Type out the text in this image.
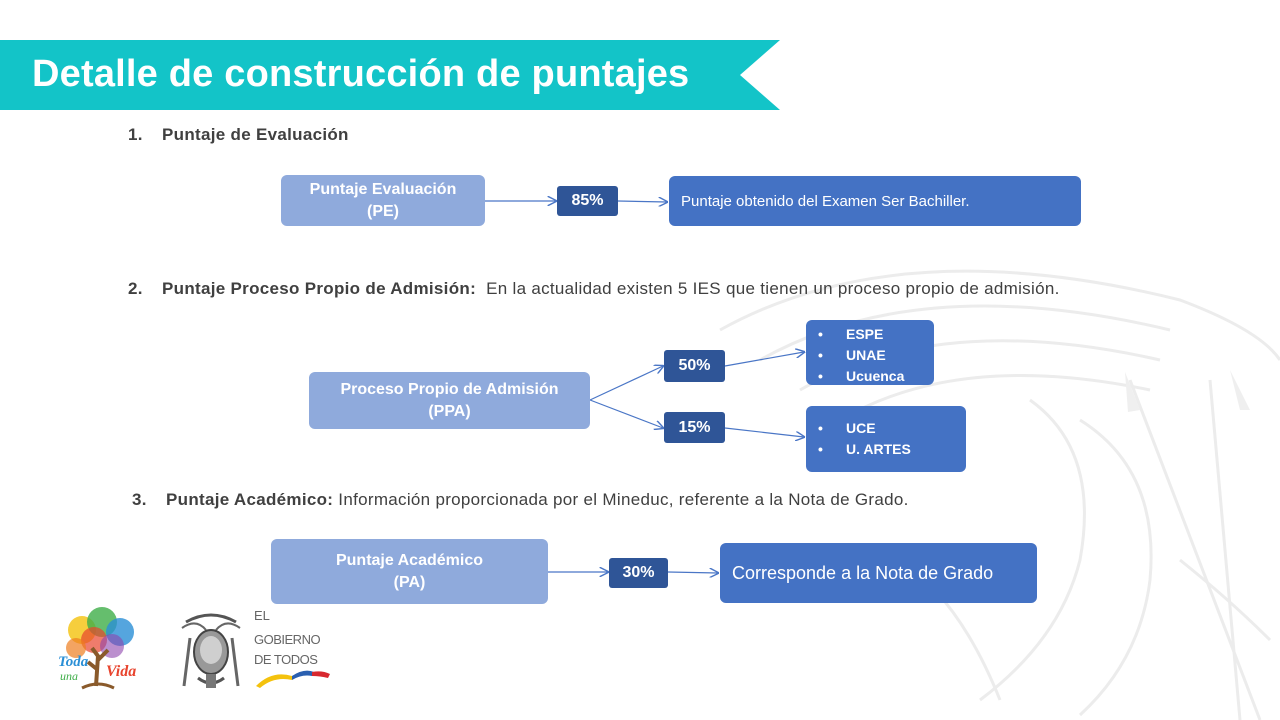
Detalle de construcción de puntajes
1. Puntaje de Evaluación
Puntaje Evaluación
(PE)
85%	Puntaje obtenido del Examen Ser Bachiller.
2. Puntaje Proceso Propio de Admisión: En la actualidad existen 5 IES que tienen un proceso propio de admisión.
Proceso Propio de Admisión
(PPA)
50%
15%
• ESPE
• UNAE
• Ucuenca
• UCE
• U. ARTES
3. Puntaje Académico: Información proporcionada por el Mineduc, referente a la Nota de Grado.
Puntaje Académico
(PA)
30%	Corresponde a la Nota de Grado
Toda
una Vida
EL
GOBIERNO
DE TODOS
